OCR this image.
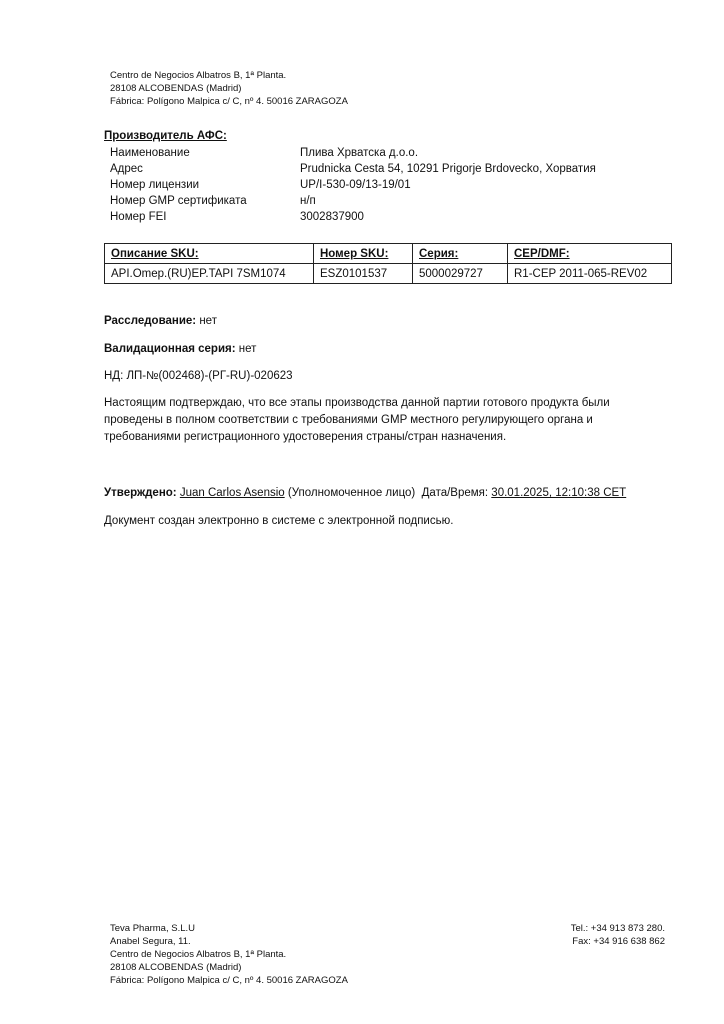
Centro de Negocios Albatros B, 1ª Planta.
28108 ALCOBENDAS (Madrid)
Fábrica: Polígono Malpica c/ C, nº 4. 50016 ZARAGOZA
Производитель АФС:
Наименование	Плива Хрватска д.о.о.
Адрес	Prudnicka Cesta 54, 10291 Prigorje Brdovecko, Хорватия
Номер лицензии	UP/I-530-09/13-19/01
Номер GMP сертификата	н/п
Номер FEI	3002837900
Описание SKU:	Номер SKU:	Серия:	CEP/DMF:
API.Omep.(RU)EP.TAPI 7SM1074	ESZ0101537	5000029727	R1-CEP 2011-065-REV02
Расследование: нет
Валидационная серия: нет
НД: ЛП-№(002468)-(РГ-RU)-020623
Настоящим подтверждаю, что все этапы производства данной партии готового продукта были
проведены в полном соответствии с требованиями GMP местного регулирующего органа и
требованиями регистрационного удостоверения страны/стран назначения.
Утверждено: Juan Carlos Asensio (Уполномоченное лицо)  Дата/Время: 30.01.2025, 12:10:38 CET
Документ создан электронно в системе с электронной подписью.
Teva Pharma, S.L.U
Anabel Segura, 11.
Centro de Negocios Albatros B, 1ª Planta.
28108 ALCOBENDAS (Madrid)
Fábrica: Polígono Malpica c/ C, nº 4. 50016 ZARAGOZA
Tel.: +34 913 873 280.
Fax: +34 916 638 862
